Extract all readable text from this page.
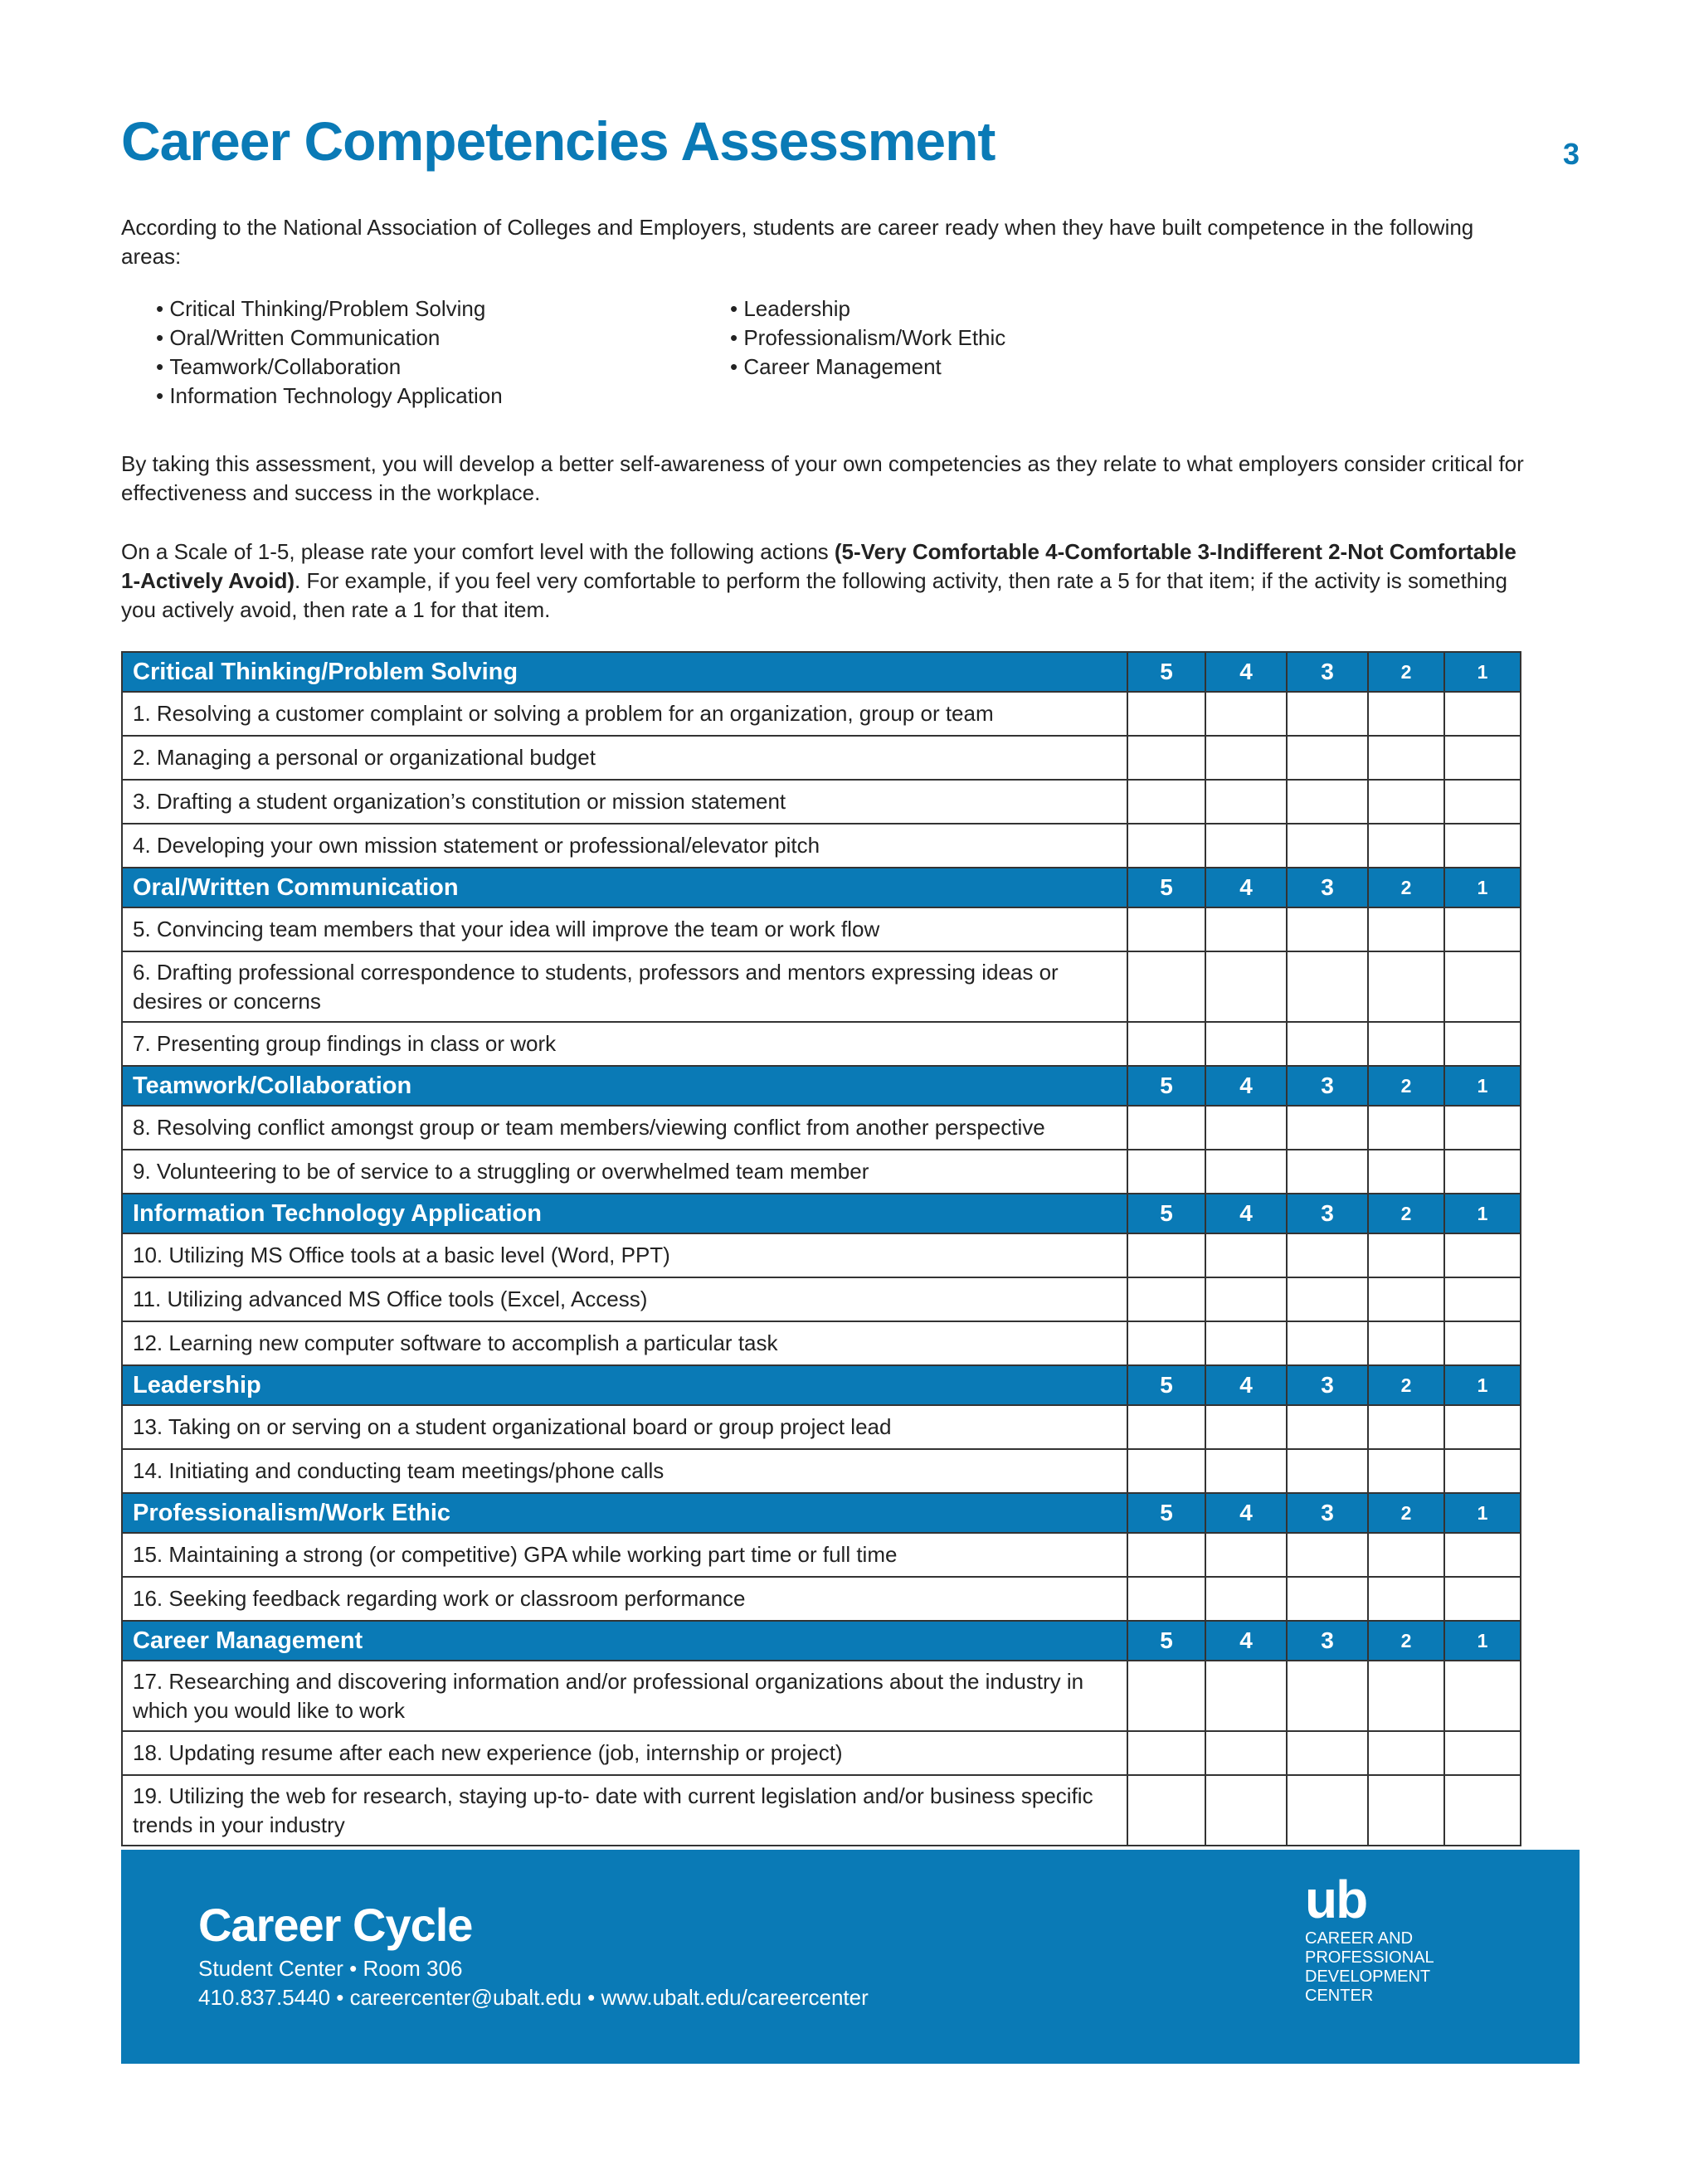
Career Competencies Assessment	3

According to the National Association of Colleges and Employers, students are career ready when they have built competence in the following areas:

• Critical Thinking/Problem Solving
• Oral/Written Communication
• Teamwork/Collaboration
• Information Technology Application
• Leadership
• Professionalism/Work Ethic
• Career Management

By taking this assessment, you will develop a better self-awareness of your own competencies as they relate to what employers consider critical for effectiveness and success in the workplace.

On a Scale of 1-5, please rate your comfort level with the following actions (5-Very Comfortable 4-Comfortable 3-Indifferent 2-Not Comfortable 1-Actively Avoid). For example, if you feel very comfortable to perform the following activity, then rate a 5 for that item; if the activity is something you actively avoid, then rate a 1 for that item.

Critical Thinking/Problem Solving	5	4	3	2	1
1. Resolving a customer complaint or solving a problem for an organization, group or team					
2. Managing a personal or organizational budget					
3. Drafting a student organization’s constitution or mission statement					
4. Developing your own mission statement or professional/elevator pitch					
Oral/Written Communication	5	4	3	2	1
5. Convincing team members that your idea will improve the team or work flow					
6. Drafting professional correspondence to students, professors and mentors expressing ideas or desires or concerns					
7. Presenting group findings in class or work					
Teamwork/Collaboration	5	4	3	2	1
8. Resolving conflict amongst group or team members/viewing conflict from another perspective					
9. Volunteering to be of service to a struggling or overwhelmed team member					
Information Technology Application	5	4	3	2	1
10. Utilizing MS Office tools at a basic level (Word, PPT)					
11. Utilizing advanced MS Office tools (Excel, Access)					
12. Learning new computer software to accomplish a particular task					
Leadership	5	4	3	2	1
13. Taking on or serving on a student organizational board or group project lead					
14. Initiating and conducting team meetings/phone calls					
Professionalism/Work Ethic	5	4	3	2	1
15. Maintaining a strong (or competitive) GPA while working part time or full time					
16. Seeking feedback regarding work or classroom performance					
Career Management	5	4	3	2	1
17. Researching and discovering information and/or professional organizations about the industry in which you would like to work					
18. Updating resume after each new experience (job, internship or project)					
19. Utilizing the web for research, staying up-to- date with current legislation and/or business specific trends in your industry					
Career Cycle
Student Center • Room 306
410.837.5440 • careercenter@ubalt.edu • www.ubalt.edu/careercenter
ub
CAREER AND
PROFESSIONAL
DEVELOPMENT
CENTER
